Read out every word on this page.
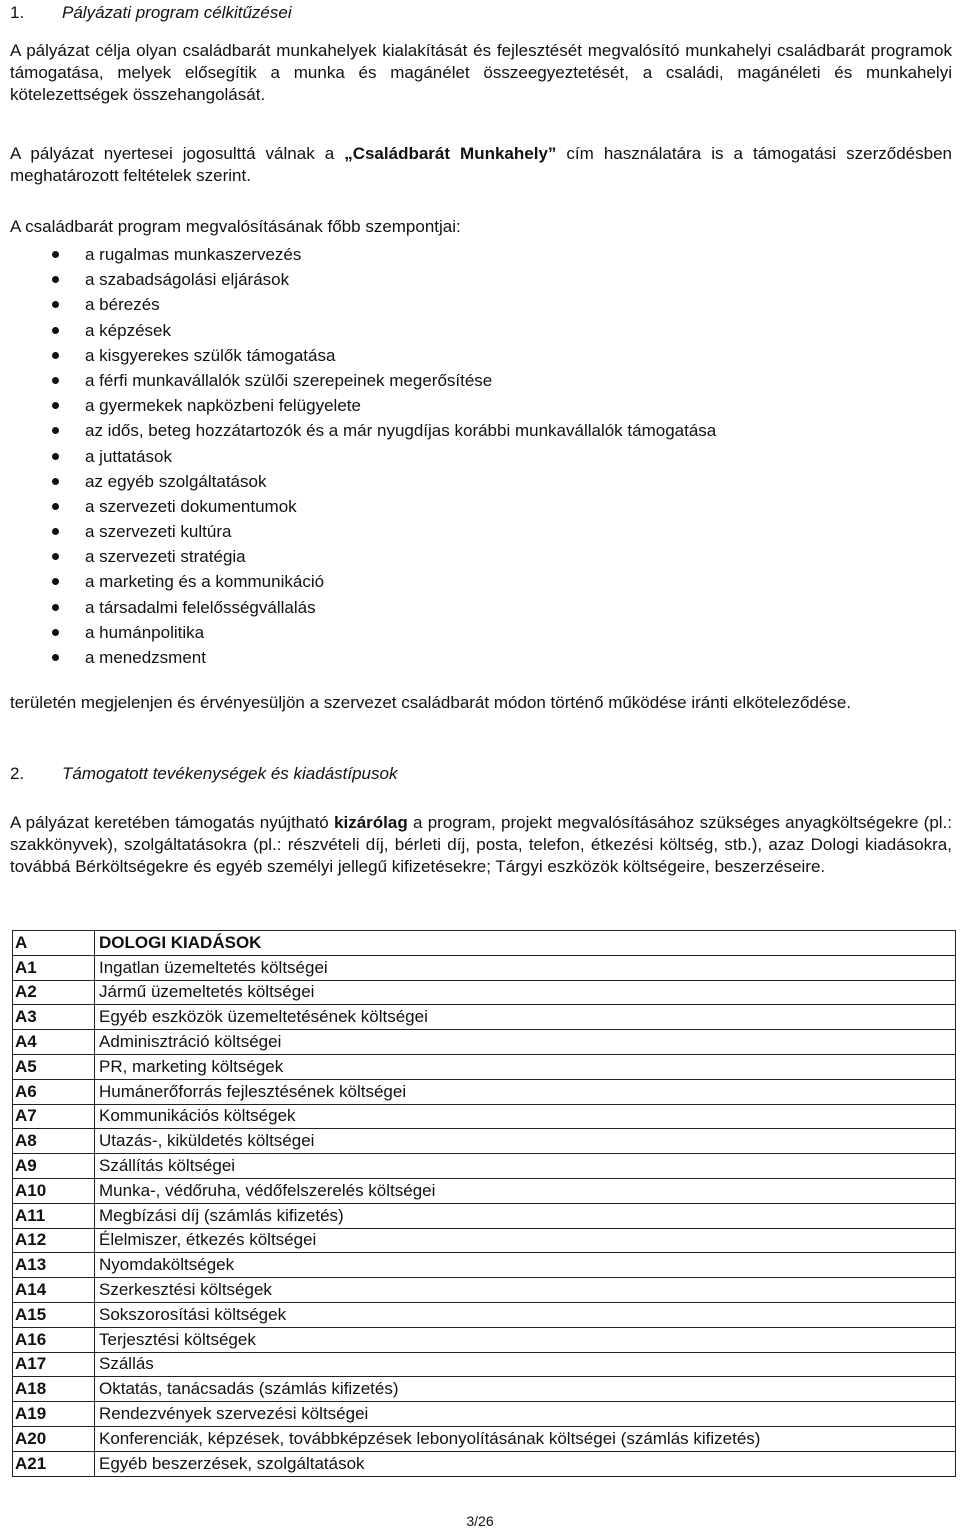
1. Pályázati program célkitűzései

A pályázat célja olyan családbarát munkahelyek kialakítását és fejlesztését megvalósító munkahelyi családbarát programok támogatása, melyek elősegítik a munka és magánélet összeegyeztetését, a családi, magánéleti és munkahelyi kötelezettségek összehangolását.

A pályázat nyertesei jogosulttá válnak a „Családbarát Munkahely” cím használatára is a támogatási szerződésben meghatározott feltételek szerint.

A családbarát program megvalósításának főbb szempontjai:

a rugalmas munkaszervezés
a szabadságolási eljárások
a bérezés
a képzések
a kisgyerekes szülők támogatása
a férfi munkavállalók szülői szerepeinek megerősítése
a gyermekek napközbeni felügyelete
az idős, beteg hozzátartozók és a már nyugdíjas korábbi munkavállalók támogatása
a juttatások
az egyéb szolgáltatások
a szervezeti dokumentumok
a szervezeti kultúra
a szervezeti stratégia
a marketing és a kommunikáció
a társadalmi felelősségvállalás
a humánpolitika
a menedzsment

területén megjelenjen és érvényesüljön a szervezet családbarát módon történő működése iránti elköteleződése.

2. Támogatott tevékenységek és kiadástípusok

A pályázat keretében támogatás nyújtható kizárólag a program, projekt megvalósításához szükséges anyagköltségekre (pl.: szakkönyvek), szolgáltatásokra (pl.: részvételi díj, bérleti díj, posta, telefon, étkezési költség, stb.), azaz Dologi kiadásokra, továbbá Bérköltségekre és egyéb személyi jellegű kifizetésekre; Tárgyi eszközök költségeire, beszerzéseire.

A	DOLOGI KIADÁSOK
A1	Ingatlan üzemeltetés költségei
A2	Jármű üzemeltetés költségei
A3	Egyéb eszközök üzemeltetésének költségei
A4	Adminisztráció költségei
A5	PR, marketing költségek
A6	Humánerőforrás fejlesztésének költségei
A7	Kommunikációs költségek
A8	Utazás-, kiküldetés költségei
A9	Szállítás költségei
A10	Munka-, védőruha, védőfelszerelés költségei
A11	Megbízási díj (számlás kifizetés)
A12	Élelmiszer, étkezés költségei
A13	Nyomdaköltségek
A14	Szerkesztési költségek
A15	Sokszorosítási költségek
A16	Terjesztési költségek
A17	Szállás
A18	Oktatás, tanácsadás (számlás kifizetés)
A19	Rendezvények szervezési költségei
A20	Konferenciák, képzések, továbbképzések lebonyolításának költségei (számlás kifizetés)
A21	Egyéb beszerzések, szolgáltatások
3/26
